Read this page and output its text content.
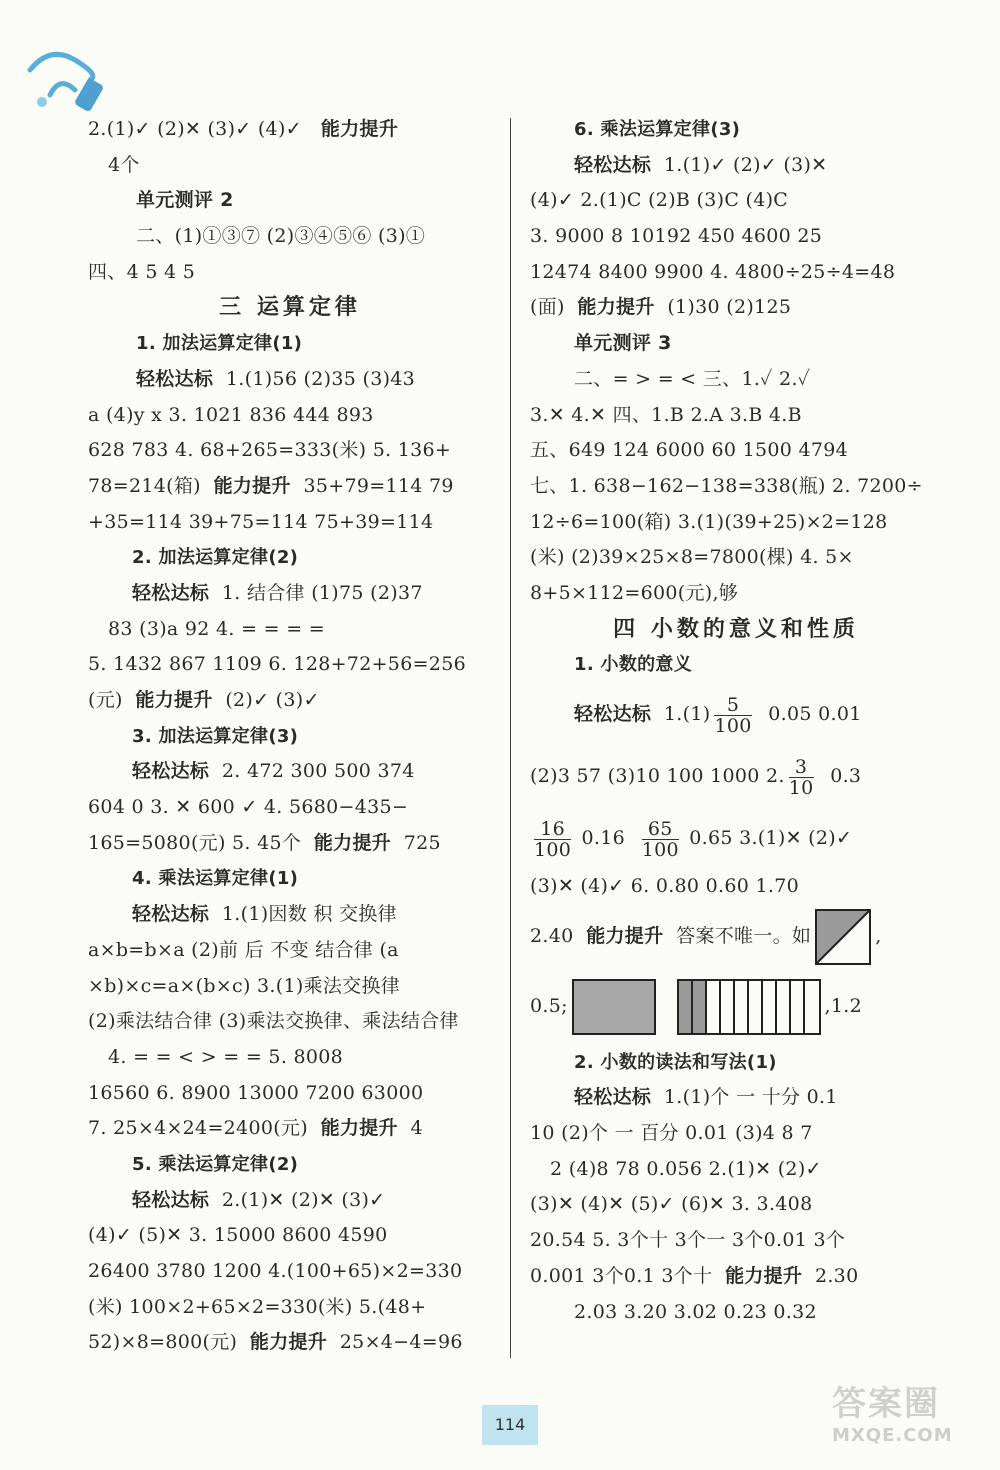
2.(1)✓ (2)✕ (3)✓ (4)✓ 能力提升
4个
单元测评 2
二、(1)①③⑦ (2)③④⑤⑥ (3)①
四、4 5 4 5
三 运算定律
1. 加法运算定律(1)
轻松达标 1.(1)56 (2)35 (3)43
a (4)y x 3. 1021 836 444 893
628 783 4. 68+265=333(米) 5. 136+
78=214(箱) 能力提升 35+79=114 79
+35=114 39+75=114 75+39=114
2. 加法运算定律(2)
轻松达标 1. 结合律 (1)75 (2)37
83 (3)a 92 4. = = = =
5. 1432 867 1109 6. 128+72+56=256
(元) 能力提升 (2)✓ (3)✓
3. 加法运算定律(3)
轻松达标 2. 472 300 500 374
604 0 3. ✕ 600 ✓ 4. 5680−435−
165=5080(元) 5. 45个 能力提升 725
4. 乘法运算定律(1)
轻松达标 1.(1)因数 积 交换律
a×b=b×a (2)前 后 不变 结合律 (a
×b)×c=a×(b×c) 3.(1)乘法交换律
(2)乘法结合律 (3)乘法交换律、乘法结合律
4. = = < > = = 5. 8008
16560 6. 8900 13000 7200 63000
7. 25×4×24=2400(元) 能力提升 4
5. 乘法运算定律(2)
轻松达标 2.(1)✕ (2)✕ (3)✓
(4)✓ (5)✕ 3. 15000 8600 4590
26400 3780 1200 4.(100+65)×2=330
(米) 100×2+65×2=330(米) 5.(48+
52)×8=800(元) 能力提升 25×4−4=96
6. 乘法运算定律(3)
轻松达标 1.(1)✓ (2)✓ (3)✕
(4)✓ 2.(1)C (2)B (3)C (4)C
3. 9000 8 10192 450 4600 25
12474 8400 9900 4. 4800÷25÷4=48
(面) 能力提升 (1)30 (2)125
单元测评 3
二、= > = < 三、1.✓ 2.✓
3.✕ 4.✕ 四、1.B 2.A 3.B 4.B
五、649 124 6000 60 1500 4794
七、1. 638−162−138=338(瓶) 2. 7200÷
12÷6=100(箱) 3.(1)(39+25)×2=128
(米) (2)39×25×8=7800(棵) 4. 5×
8+5×112=600(元),够
四 小数的意义和性质
1. 小数的意义
轻松达标 $1.(1) \frac{5}{100} 0.05$ 0.01
(2)3 57 (3)10 100 1000 2. $\frac{3}{10} 0.3$
$\frac{16}{100} 0.16 \frac{65}{100} 0.65$ 3.(1)✕ (2)✓
(3)✕ (4)✓ 6. 0.80 0.60 1.70
2.40 能力提升 答案不唯一。如	,
0.5;	,1.2
2. 小数的读法和写法(1)
轻松达标 1.(1)个 一 十分 0.1
10 (2)个 一 百分 0.01 (3)4 8 7
2 (4)8 78 0.056 2.(1)✕ (2)✓
(3)✕ (4)✕ (5)✓ (6)✕ 3. 3.408
20.54 5. 3个十 3个一 3个0.01 3个
0.001 3个0.1 3个十 能力提升 2.30
2.03 3.20 3.02 0.23 0.32
114
答案圈
MXQE.COM
